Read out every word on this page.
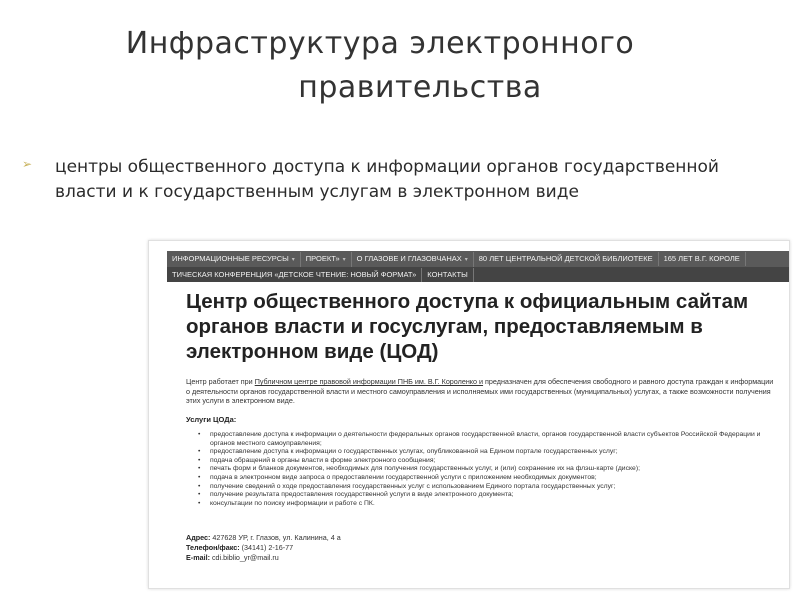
Инфраструктура электронного
правительства
➢ центры общественного доступа к информации органов государственной власти и к государственным услугам в электронном виде
ИНФОРМАЦИОННЫЕ РЕСУРСЫ ▾	ПРОЕКТ» ▾	О ГЛАЗОВЕ И ГЛАЗОВЧАНАХ ▾	80 ЛЕТ ЦЕНТРАЛЬНОЙ ДЕТСКОЙ БИБЛИОТЕКЕ	165 ЛЕТ В.Г. КОРОЛЕ
ТИЧЕСКАЯ КОНФЕРЕНЦИЯ «ДЕТСКОЕ ЧТЕНИЕ: НОВЫЙ ФОРМАТ»	КОНТАКТЫ
Центр общественного доступа к официальным сайтам органов власти и госуслугам, предоставляемым в электронном виде (ЦОД)
Центр работает при Публичном центре правовой информации ПНБ им. В.Г. Короленко и предназначен для обеспечения свободного и равного доступа граждан к информации о деятельности органов государственной власти и местного самоуправления и исполняемых ими государственных (муниципальных) услугах, а также возможности получения этих услуги в электронном виде.
Услуги ЦОДа:
• предоставление доступа к информации о деятельности федеральных органов государственной власти, органов государственной власти субъектов Российской Федерации и органов местного самоуправления;
• предоставление доступа к информации о государственных услугах, опубликованной на Едином портале государственных услуг;
• подача обращений в органы власти в форме электронного сообщения;
• печать форм и бланков документов, необходимых для получения государственных услуг, и (или) сохранение их на флэш-карте (диске);
• подача в электронном виде запроса о предоставлении государственной услуги с приложением необходимых документов;
• получение сведений о ходе предоставления государственных услуг с использованием Единого портала государственных услуг;
• получение результата предоставления государственной услуги в виде электронного документа;
• консультации по поиску информации и работе с ПК.
Адрес: 427628 УР, г. Глазов, ул. Калинина, 4 а
Телефон/факс: (34141) 2-16-77
E-mail: cdi.biblio_yr@mail.ru
